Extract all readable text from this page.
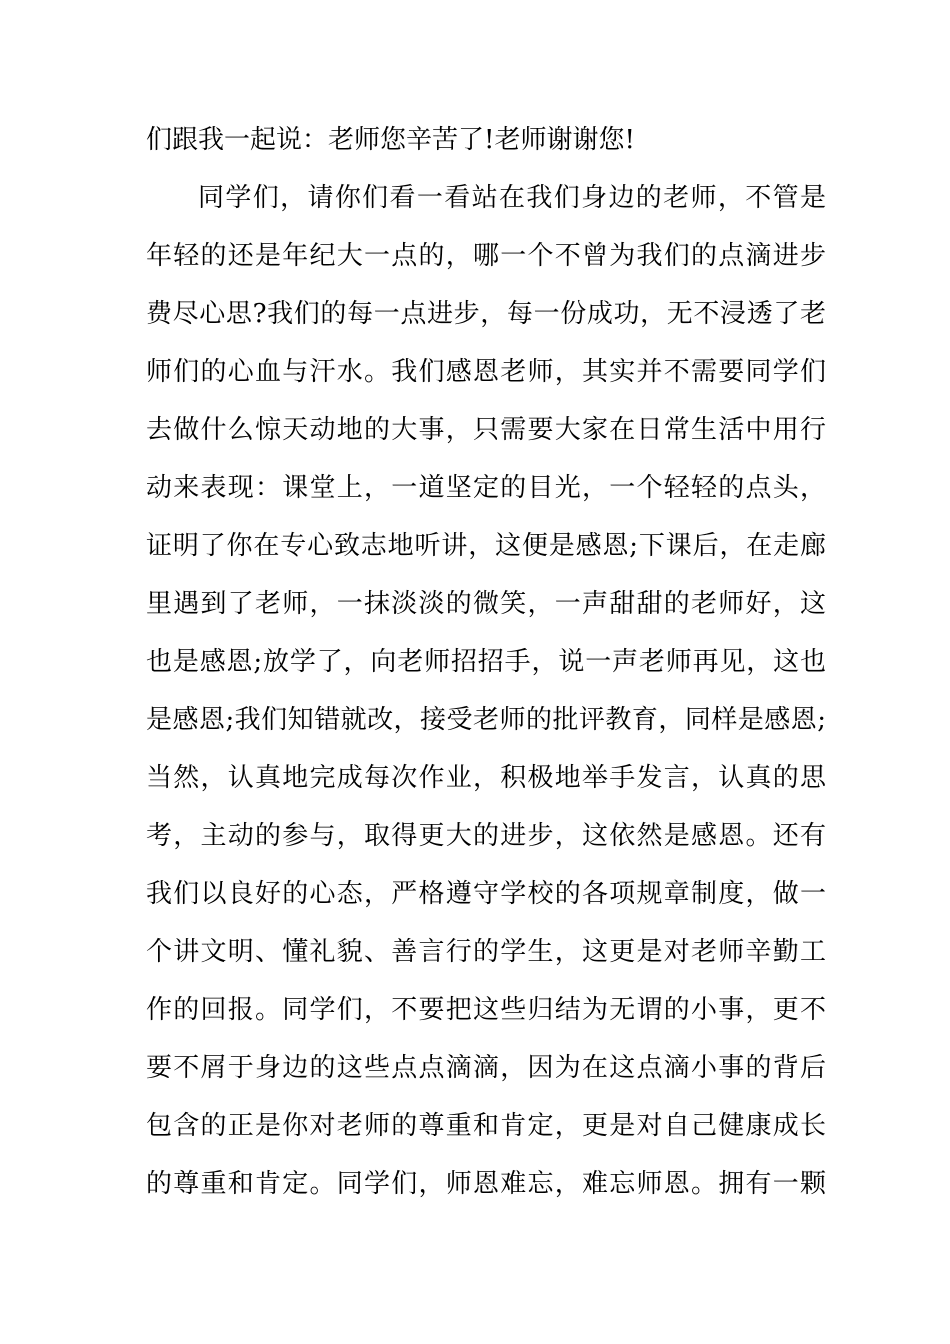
们跟我一起说：老师您辛苦了!老师谢谢您!
同学们，请你们看一看站在我们身边的老师，不管是
年轻的还是年纪大一点的，哪一个不曾为我们的点滴进步
费尽心思?我们的每一点进步，每一份成功，无不浸透了老
师们的心血与汗水。我们感恩老师，其实并不需要同学们
去做什么惊天动地的大事，只需要大家在日常生活中用行
动来表现：课堂上，一道坚定的目光，一个轻轻的点头，
证明了你在专心致志地听讲，这便是感恩;下课后，在走廊
里遇到了老师，一抹淡淡的微笑，一声甜甜的老师好，这
也是感恩;放学了，向老师招招手，说一声老师再见，这也
是感恩;我们知错就改，接受老师的批评教育，同样是感恩;
当然，认真地完成每次作业，积极地举手发言，认真的思
考，主动的参与，取得更大的进步，这依然是感恩。还有
我们以良好的心态，严格遵守学校的各项规章制度，做一
个讲文明、懂礼貌、善言行的学生，这更是对老师辛勤工
作的回报。同学们，不要把这些归结为无谓的小事，更不
要不屑于身边的这些点点滴滴，因为在这点滴小事的背后
包含的正是你对老师的尊重和肯定，更是对自己健康成长
的尊重和肯定。同学们，师恩难忘，难忘师恩。拥有一颗
